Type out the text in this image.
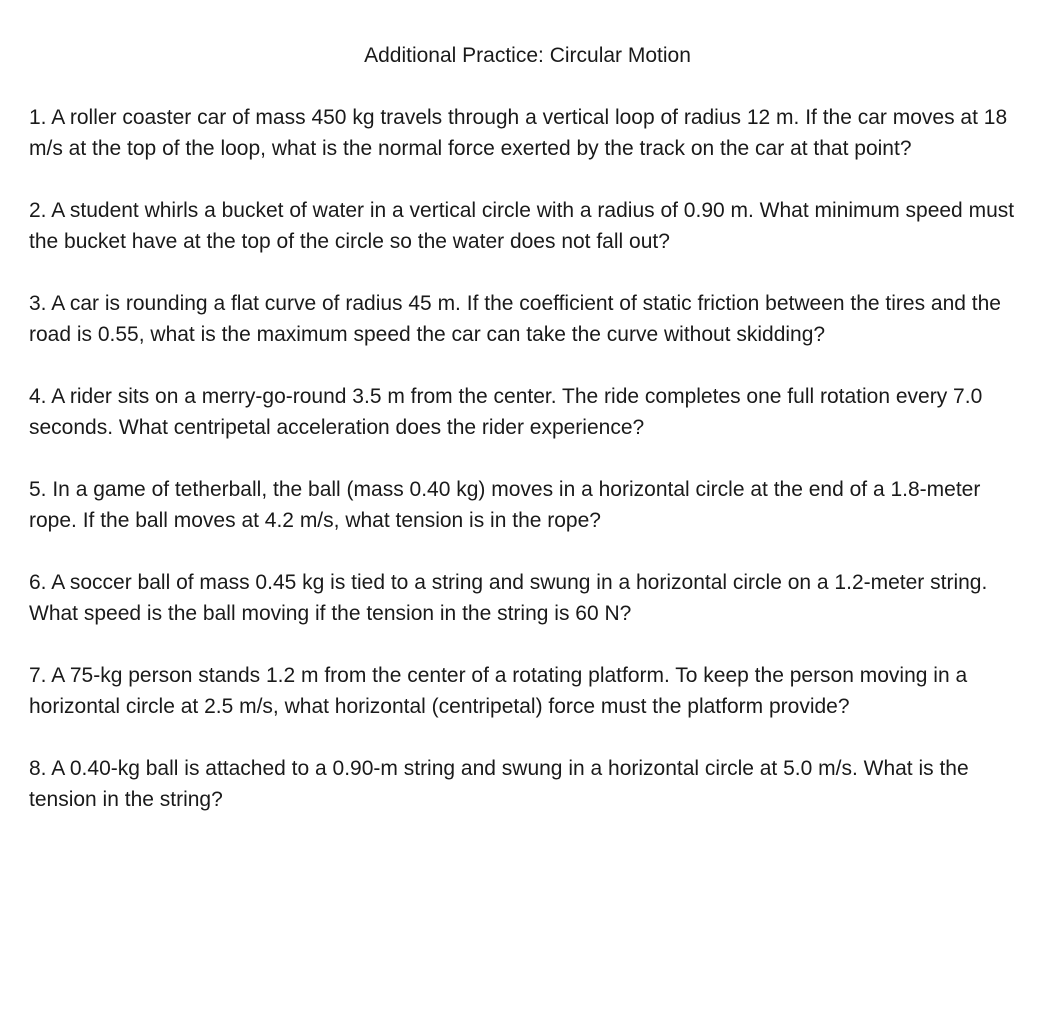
Additional Practice: Circular Motion
1. A roller coaster car of mass 450 kg travels through a vertical loop of radius 12 m. If the car moves at 18 m/s at the top of the loop, what is the normal force exerted by the track on the car at that point?
2. A student whirls a bucket of water in a vertical circle with a radius of 0.90 m. What minimum speed must the bucket have at the top of the circle so the water does not fall out?
3. A car is rounding a flat curve of radius 45 m. If the coefficient of static friction between the tires and the road is 0.55, what is the maximum speed the car can take the curve without skidding?
4. A rider sits on a merry-go-round 3.5 m from the center. The ride completes one full rotation every 7.0 seconds. What centripetal acceleration does the rider experience?
5. In a game of tetherball, the ball (mass 0.40 kg) moves in a horizontal circle at the end of a 1.8-meter rope. If the ball moves at 4.2 m/s, what tension is in the rope?
6. A soccer ball of mass 0.45 kg is tied to a string and swung in a horizontal circle on a 1.2-meter string. What speed is the ball moving if the tension in the string is 60 N?
7. A 75-kg person stands 1.2 m from the center of a rotating platform. To keep the person moving in a horizontal circle at 2.5 m/s, what horizontal (centripetal) force must the platform provide?
8. A 0.40-kg ball is attached to a 0.90-m string and swung in a horizontal circle at 5.0 m/s. What is the tension in the string?
